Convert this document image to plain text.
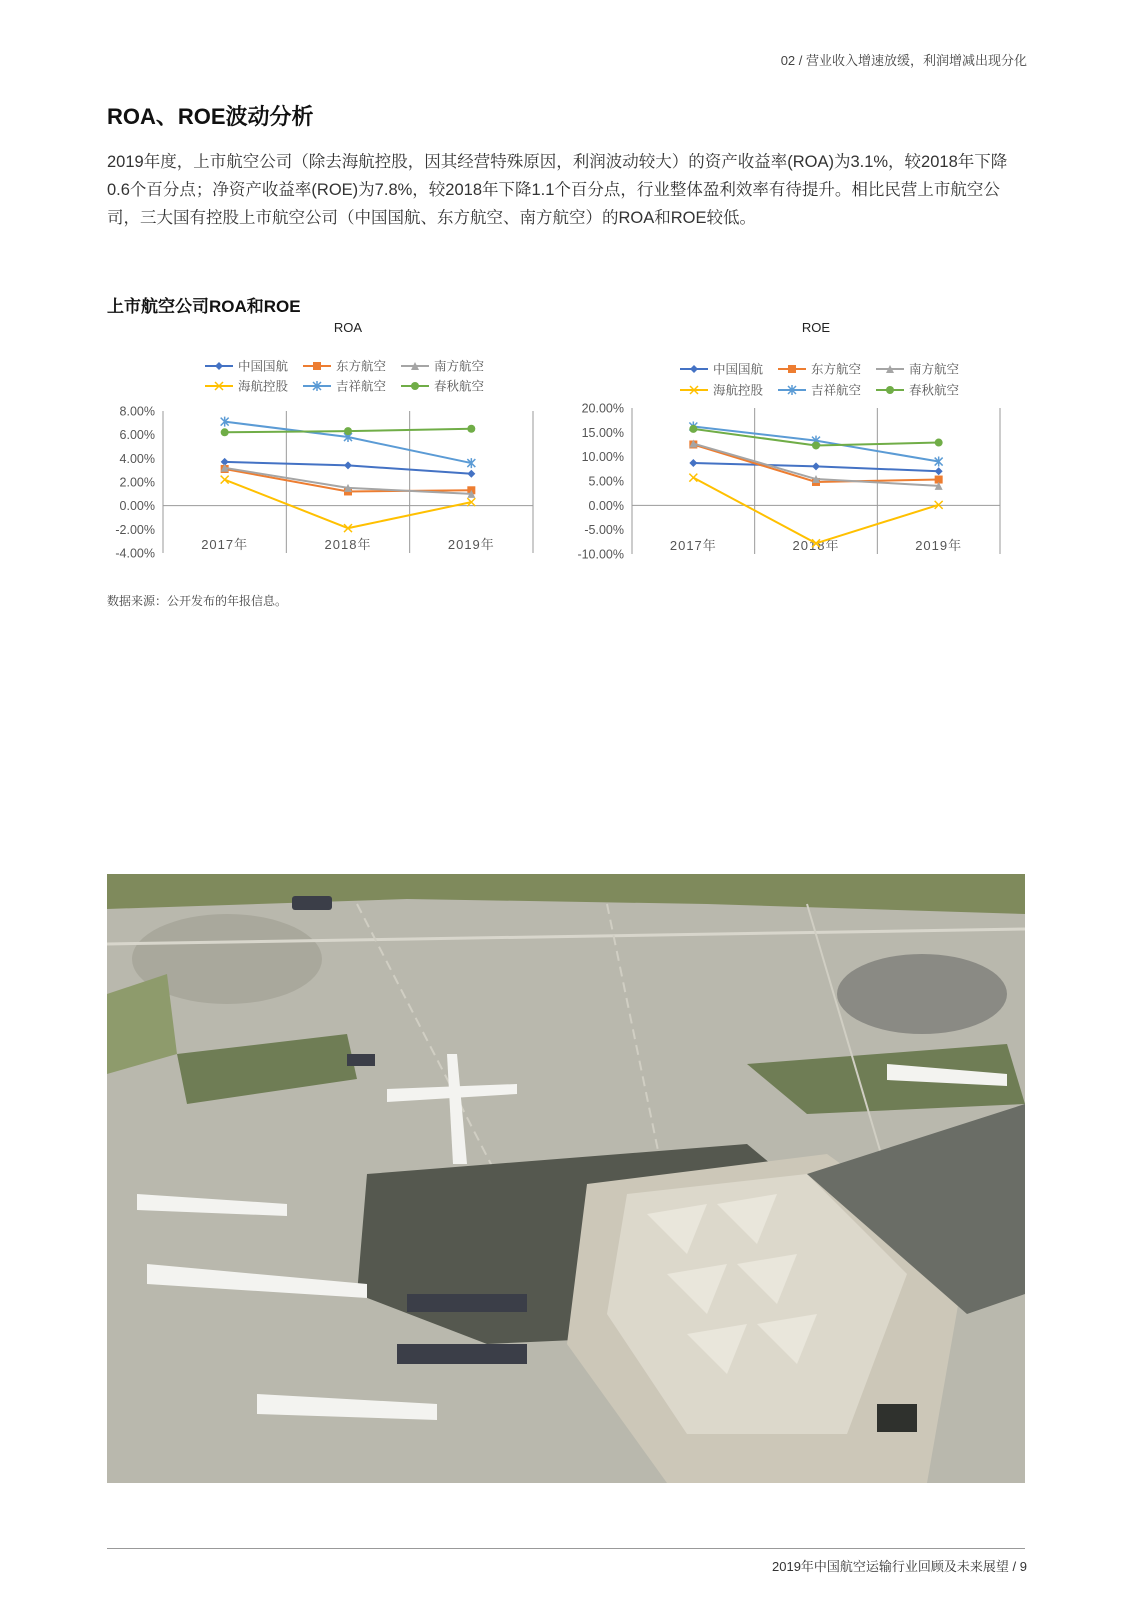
02 / 营业收入增速放缓，利润增减出现分化
ROA、ROE波动分析

2019年度，上市航空公司（除去海航控股，因其经营特殊原因，利润波动较大）的资产收益率(ROA)为3.1%，较2018年下降0.6个百分点；净资产收益率(ROE)为7.8%，较2018年下降1.1个百分点，行业整体盈利效率有待提升。相比民营上市航空公司，三大国有控股上市航空公司（中国国航、东方航空、南方航空）的ROA和ROE较低。

上市航空公司ROA和ROE
ROA
中国国航	东方航空	南方航空
海航控股	吉祥航空	春秋航空
8.00%
6.00%
4.00%
2.00%
0.00%
-2.00%
-4.00%
2017年	2018年	2019年
ROE
中国国航	东方航空	南方航空
海航控股	吉祥航空	春秋航空
20.00%
15.00%
10.00%
5.00%
0.00%
-5.00%
-10.00%
2017年	2018年	2019年
数据来源：公开发布的年报信息。
2019年中国航空运输行业回顾及未来展望 / 9
